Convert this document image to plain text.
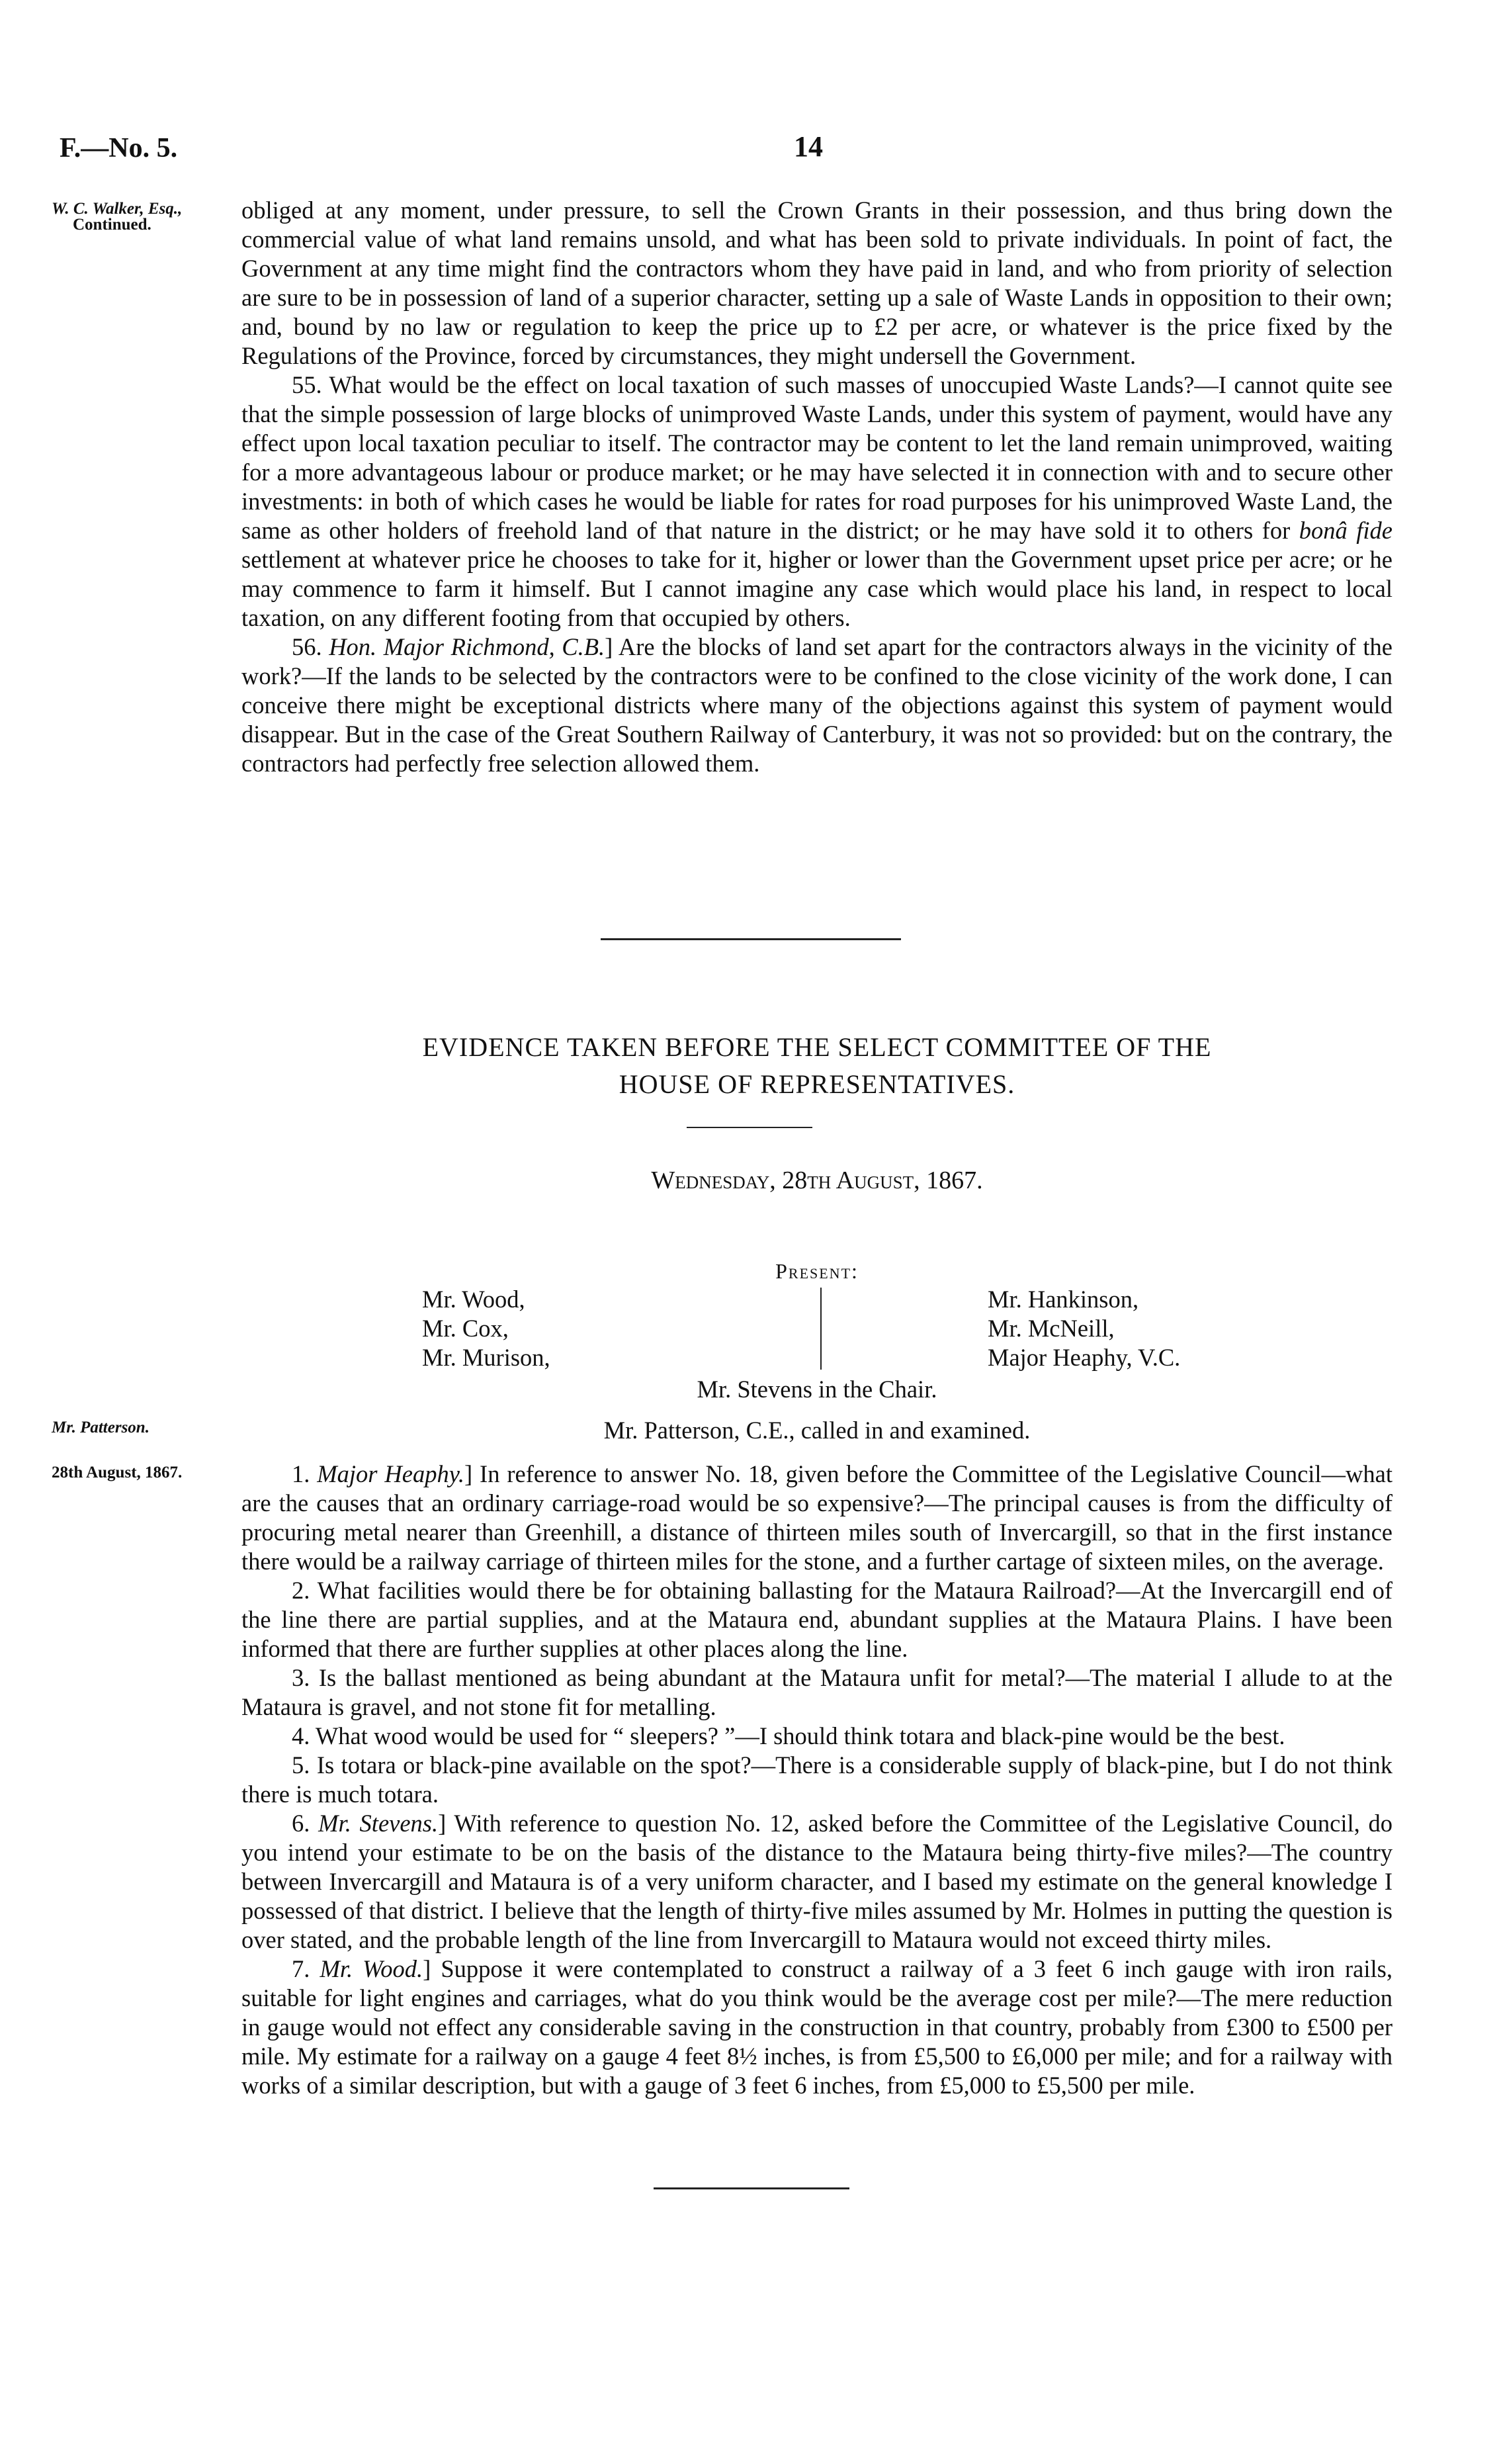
F.—No. 5.	14
W. C. Walker, Esq.,
Continued.
Mr. Patterson.
28th August, 1867.

obliged at any moment, under pressure, to sell the Crown Grants in their possession, and thus bring down the commercial value of what land remains unsold, and what has been sold to private individuals. In point of fact, the Government at any time might find the contractors whom they have paid in land, and who from priority of selection are sure to be in possession of land of a superior character, setting up a sale of Waste Lands in opposition to their own; and, bound by no law or regulation to keep the price up to £2 per acre, or whatever is the price fixed by the Regulations of the Province, forced by circumstances, they might undersell the Government.

55. What would be the effect on local taxation of such masses of unoccupied Waste Lands?—I cannot quite see that the simple possession of large blocks of unimproved Waste Lands, under this system of payment, would have any effect upon local taxation peculiar to itself. The contractor may be content to let the land remain unimproved, waiting for a more advantageous labour or produce market; or he may have selected it in connection with and to secure other investments: in both of which cases he would be liable for rates for road purposes for his unimproved Waste Land, the same as other holders of freehold land of that nature in the district; or he may have sold it to others for bonâ fide settlement at whatever price he chooses to take for it, higher or lower than the Government upset price per acre; or he may commence to farm it himself. But I cannot imagine any case which would place his land, in respect to local taxation, on any different footing from that occupied by others.

56. Hon. Major Richmond, C.B.] Are the blocks of land set apart for the contractors always in the vicinity of the work?—If the lands to be selected by the contractors were to be confined to the close vicinity of the work done, I can conceive there might be exceptional districts where many of the objections against this system of payment would disappear. But in the case of the Great Southern Railway of Canterbury, it was not so provided: but on the contrary, the contractors had perfectly free selection allowed them.

EVIDENCE TAKEN BEFORE THE SELECT COMMITTEE OF THE
HOUSE OF REPRESENTATIVES.
Wednesday, 28th August, 1867.
Present:
Mr. Wood,
Mr. Cox,
Mr. Murison,
Mr. Hankinson,
Mr. McNeill,
Major Heaphy, V.C.
Mr. Stevens in the Chair.
Mr. Patterson, C.E., called in and examined.

1. Major Heaphy.] In reference to answer No. 18, given before the Committee of the Legislative Council—what are the causes that an ordinary carriage-road would be so expensive?—The principal causes is from the difficulty of procuring metal nearer than Greenhill, a distance of thirteen miles south of Invercargill, so that in the first instance there would be a railway carriage of thirteen miles for the stone, and a further cartage of sixteen miles, on the average.

2. What facilities would there be for obtaining ballasting for the Mataura Railroad?—At the Invercargill end of the line there are partial supplies, and at the Mataura end, abundant supplies at the Mataura Plains. I have been informed that there are further supplies at other places along the line.

3. Is the ballast mentioned as being abundant at the Mataura unfit for metal?—The material I allude to at the Mataura is gravel, and not stone fit for metalling.

4. What wood would be used for “ sleepers? ”—I should think totara and black-pine would be the best.

5. Is totara or black-pine available on the spot?—There is a considerable supply of black-pine, but I do not think there is much totara.

6. Mr. Stevens.] With reference to question No. 12, asked before the Committee of the Legislative Council, do you intend your estimate to be on the basis of the distance to the Mataura being thirty-five miles?—The country between Invercargill and Mataura is of a very uniform character, and I based my estimate on the general knowledge I possessed of that district. I believe that the length of thirty-five miles assumed by Mr. Holmes in putting the question is over stated, and the probable length of the line from Invercargill to Mataura would not exceed thirty miles.

7. Mr. Wood.] Suppose it were contemplated to construct a railway of a 3 feet 6 inch gauge with iron rails, suitable for light engines and carriages, what do you think would be the average cost per mile?—The mere reduction in gauge would not effect any considerable saving in the construction in that country, probably from £300 to £500 per mile. My estimate for a railway on a gauge 4 feet 8½ inches, is from £5,500 to £6,000 per mile; and for a railway with works of a similar description, but with a gauge of 3 feet 6 inches, from £5,000 to £5,500 per mile.
